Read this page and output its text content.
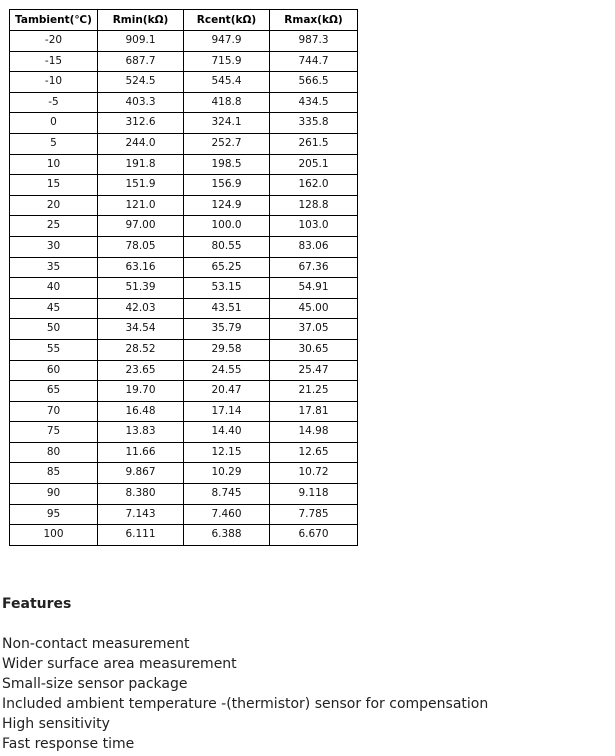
Tambient(℃)	Rmin(kΩ)	Rcent(kΩ)	Rmax(kΩ)
-20	909.1	947.9	987.3
-15	687.7	715.9	744.7
-10	524.5	545.4	566.5
-5	403.3	418.8	434.5
0	312.6	324.1	335.8
5	244.0	252.7	261.5
10	191.8	198.5	205.1
15	151.9	156.9	162.0
20	121.0	124.9	128.8
25	97.00	100.0	103.0
30	78.05	80.55	83.06
35	63.16	65.25	67.36
40	51.39	53.15	54.91
45	42.03	43.51	45.00
50	34.54	35.79	37.05
55	28.52	29.58	30.65
60	23.65	24.55	25.47
65	19.70	20.47	21.25
70	16.48	17.14	17.81
75	13.83	14.40	14.98
80	11.66	12.15	12.65
85	9.867	10.29	10.72
90	8.380	8.745	9.118
95	7.143	7.460	7.785
100	6.111	6.388	6.670
Features
Non-contact measurement
Wider surface area measurement
Small-size sensor package
Included ambient temperature -(thermistor) sensor for compensation
High sensitivity
Fast response time
